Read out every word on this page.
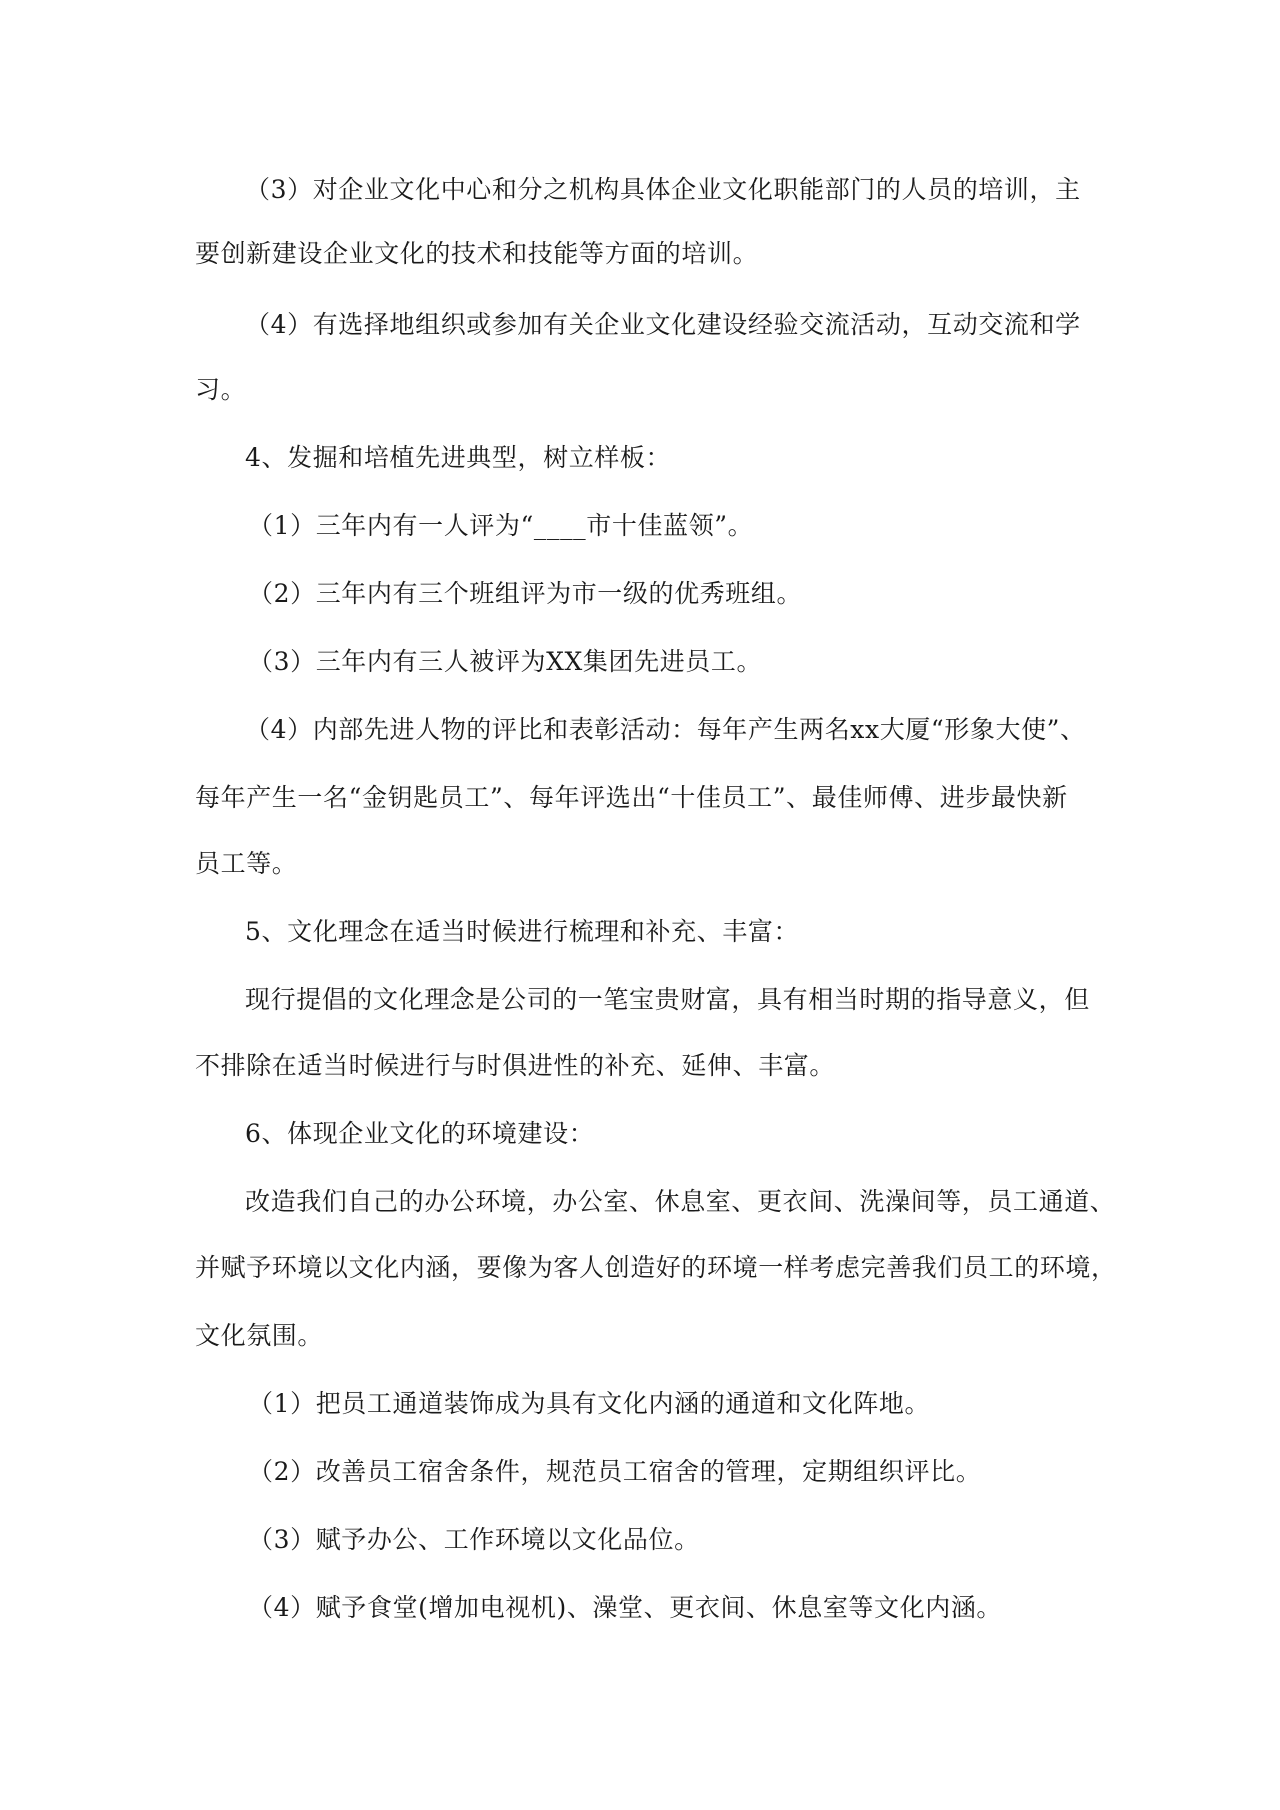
（3）对企业文化中心和分之机构具体企业文化职能部门的人员的培训，主

要创新建设企业文化的技术和技能等方面的培训。

（4）有选择地组织或参加有关企业文化建设经验交流活动，互动交流和学

习。

4、发掘和培植先进典型，树立样板：

（1）三年内有一人评为“____市十佳蓝领”。

（2）三年内有三个班组评为市一级的优秀班组。

（3）三年内有三人被评为XX集团先进员工。

（4）内部先进人物的评比和表彰活动：每年产生两名xx大厦“形象大使”、

每年产生一名“金钥匙员工”、每年评选出“十佳员工”、最佳师傅、进步最快新

员工等。

5、文化理念在适当时候进行梳理和补充、丰富：

现行提倡的文化理念是公司的一笔宝贵财富，具有相当时期的指导意义，但

不排除在适当时候进行与时俱进性的补充、延伸、丰富。

6、体现企业文化的环境建设：

改造我们自己的办公环境，办公室、休息室、更衣间、洗澡间等，员工通道、

并赋予环境以文化内涵，要像为客人创造好的环境一样考虑完善我们员工的环境，

文化氛围。

（1）把员工通道装饰成为具有文化内涵的通道和文化阵地。

（2）改善员工宿舍条件，规范员工宿舍的管理，定期组织评比。

（3）赋予办公、工作环境以文化品位。

（4）赋予食堂(增加电视机)、澡堂、更衣间、休息室等文化内涵。
